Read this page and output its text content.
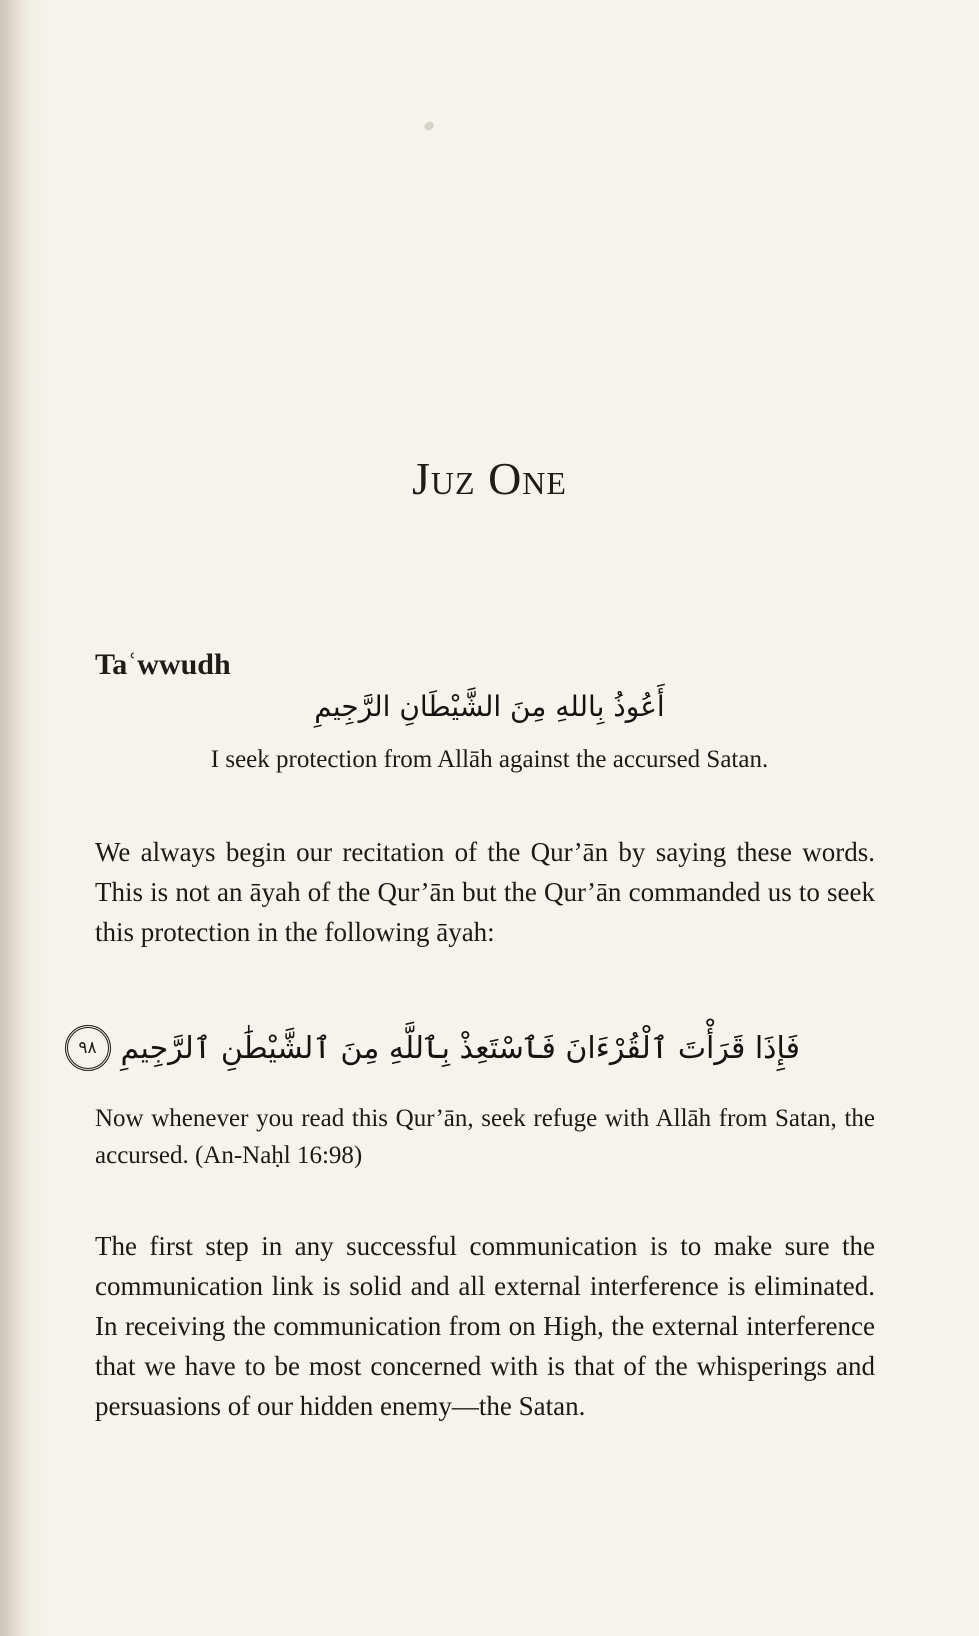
Juz One
Taʿwwudh
أَعُوذُ بِاللهِ مِنَ الشَّيْطَانِ الرَّجِيمِ
I seek protection from Allāh against the accursed Satan.

We always begin our recitation of the Qur’ān by saying these words. This is not an āyah of the Qur’ān but the Qur’ān commanded us to seek this protection in the following āyah:

فَإِذَا قَرَأْتَ ٱلْقُرْءَانَ فَٱسْتَعِذْ بِٱللَّهِ مِنَ ٱلشَّيْطَٰنِ ٱلرَّجِيمِ
٩٨

Now whenever you read this Qur’ān, seek refuge with Allāh from Satan, the accursed. (An-Naḥl 16:98)

The first step in any successful communication is to make sure the communication link is solid and all external interference is eliminated. In receiving the communication from on High, the external interference that we have to be most concerned with is that of the whisperings and persuasions of our hidden enemy—the Satan.
